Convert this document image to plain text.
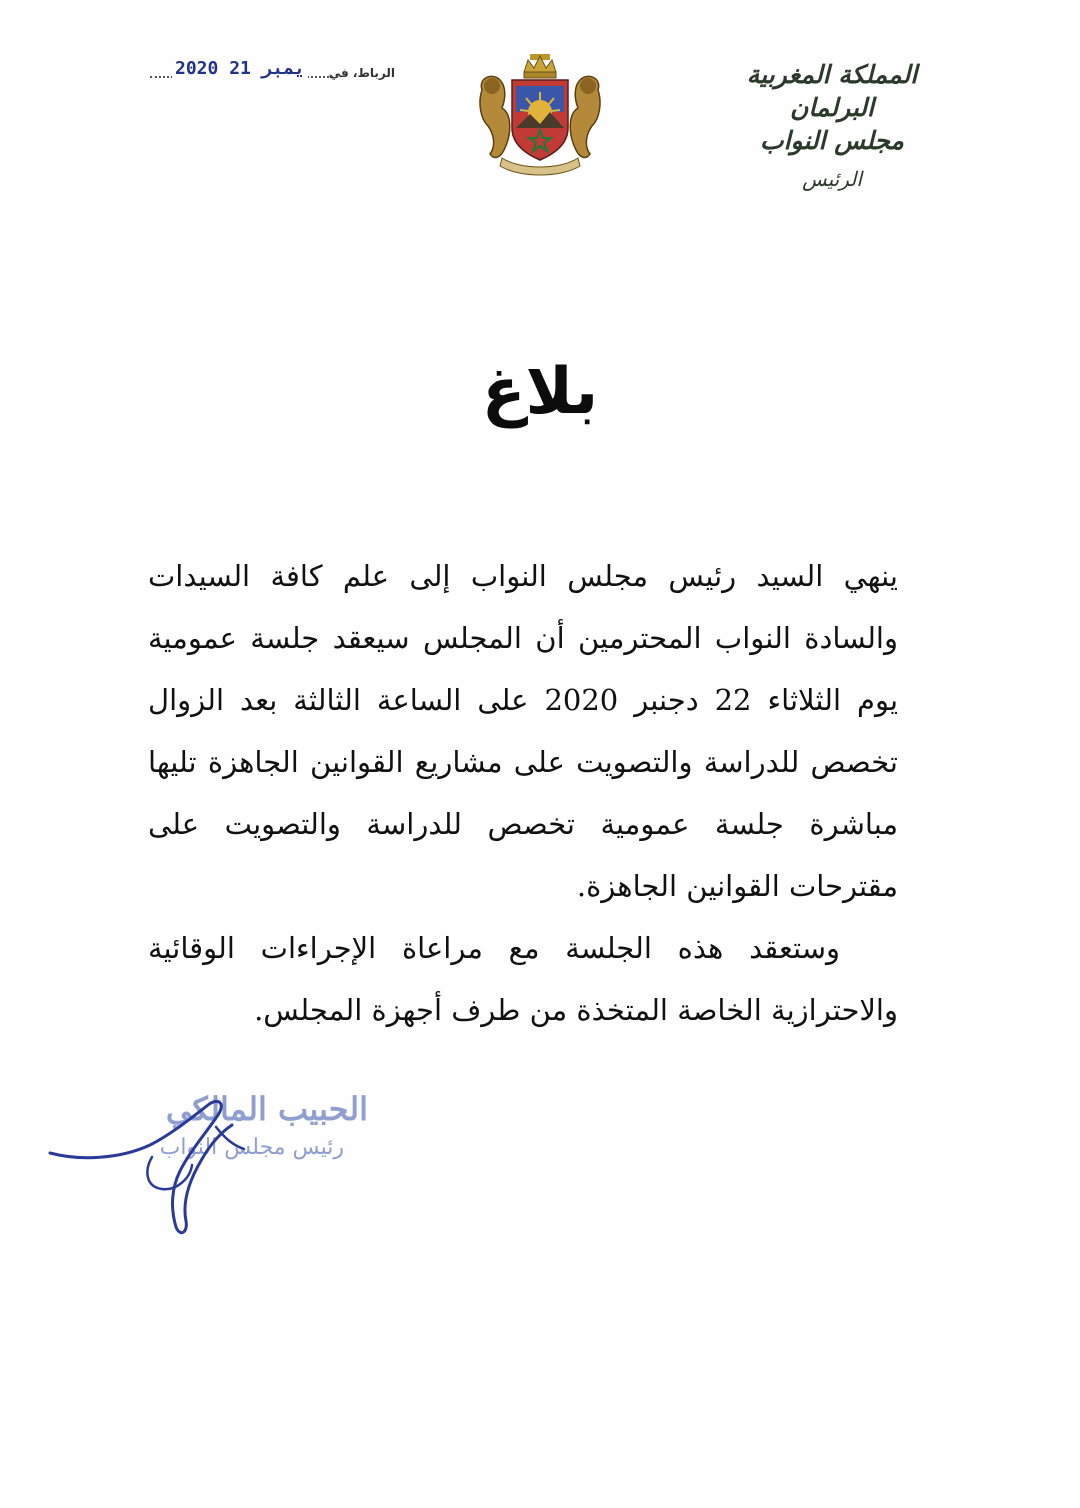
المملكة المغربية
البرلمان
مجلس النواب
الرئيس
2020 يمبر 21 الرباط، في
بلاغ

ينهي السيد رئيس مجلس النواب إلى علم كافة السيدات والسادة النواب المحترمين أن المجلس سيعقد جلسة عمومية يوم الثلاثاء 22 دجنبر 2020 على الساعة الثالثة بعد الزوال تخصص للدراسة والتصويت على مشاريع القوانين الجاهزة تليها مباشرة جلسة عمومية تخصص للدراسة والتصويت على مقترحات القوانين الجاهزة.

وستعقد هذه الجلسة مع مراعاة الإجراءات الوقائية والاحترازية الخاصة المتخذة من طرف أجهزة المجلس.

الحبيب المالكي
رئيس مجلس النواب
